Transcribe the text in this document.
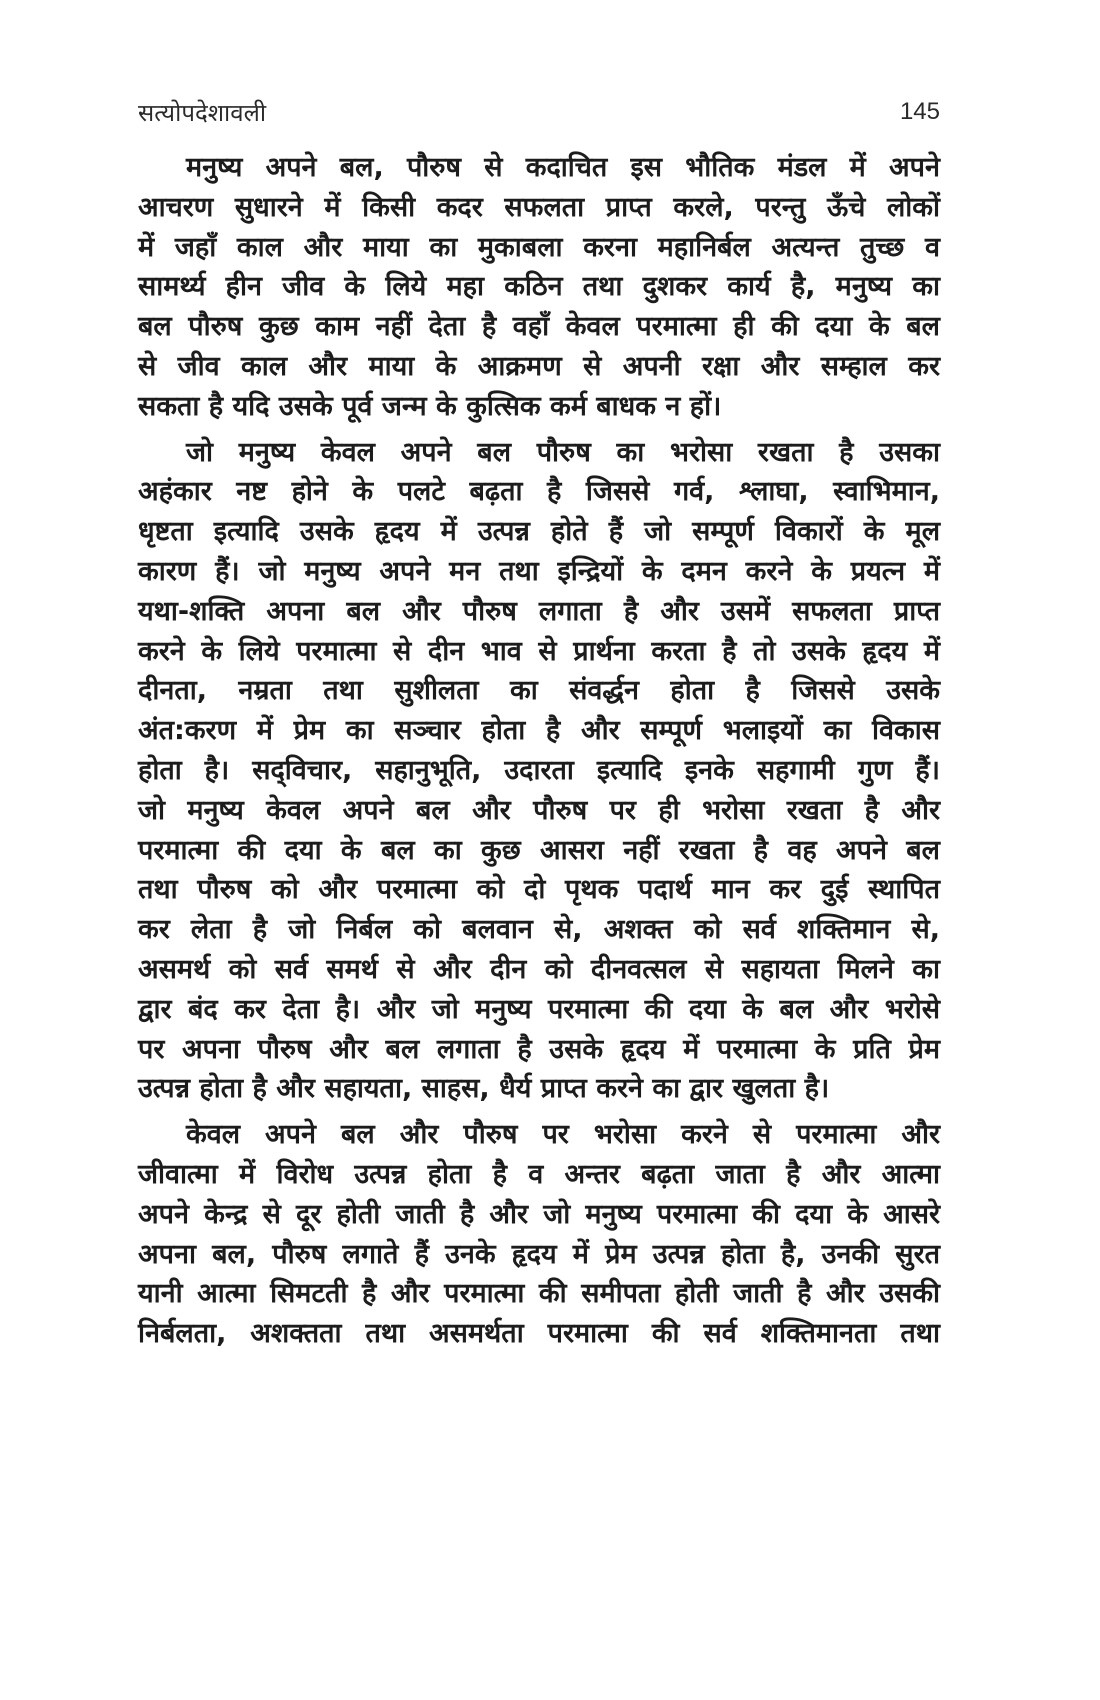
सत्योपदेशावली	145
मनुष्य अपने बल, पौरुष से कदाचित इस भौतिक मंडल में अपने
आचरण सुधारने में किसी कदर सफलता प्राप्त करले, परन्तु ऊँचे लोकों
में जहाँ काल और माया का मुकाबला करना महानिर्बल अत्यन्त तुच्छ व
सामर्थ्य हीन जीव के लिये महा कठिन तथा दुशकर कार्य है, मनुष्य का
बल पौरुष कुछ काम नहीं देता है वहाँ केवल परमात्मा ही की दया के बल
से जीव काल और माया के आक्रमण से अपनी रक्षा और सम्हाल कर
सकता है यदि उसके पूर्व जन्म के कुत्सिक कर्म बाधक न हों।
जो मनुष्य केवल अपने बल पौरुष का भरोसा रखता है उसका
अहंकार नष्ट होने के पलटे बढ़ता है जिससे गर्व, श्लाघा, स्वाभिमान,
धृष्टता इत्यादि उसके हृदय में उत्पन्न होते हैं जो सम्पूर्ण विकारों के मूल
कारण हैं। जो मनुष्य अपने मन तथा इन्द्रियों के दमन करने के प्रयत्न में
यथा-शक्ति अपना बल और पौरुष लगाता है और उसमें सफलता प्राप्त
करने के लिये परमात्मा से दीन भाव से प्रार्थना करता है तो उसके हृदय में
दीनता, नम्रता तथा सुशीलता का संवर्द्धन होता है जिससे उसके
अंत:करण में प्रेम का सञ्चार होता है और सम्पूर्ण भलाइयों का विकास
होता है। सद्‌विचार, सहानुभूति, उदारता इत्यादि इनके सहगामी गुण हैं।
जो मनुष्य केवल अपने बल और पौरुष पर ही भरोसा रखता है और
परमात्मा की दया के बल का कुछ आसरा नहीं रखता है वह अपने बल
तथा पौरुष को और परमात्मा को दो पृथक पदार्थ मान कर दुई स्थापित
कर लेता है जो निर्बल को बलवान से, अशक्त को सर्व शक्तिमान से,
असमर्थ को सर्व समर्थ से और दीन को दीनवत्सल से सहायता मिलने का
द्वार बंद कर देता है। और जो मनुष्य परमात्मा की दया के बल और भरोसे
पर अपना पौरुष और बल लगाता है उसके हृदय में परमात्मा के प्रति प्रेम
उत्पन्न होता है और सहायता, साहस, धैर्य प्राप्त करने का द्वार खुलता है।
केवल अपने बल और पौरुष पर भरोसा करने से परमात्मा और
जीवात्मा में विरोध उत्पन्न होता है व अन्तर बढ़ता जाता है और आत्मा
अपने केन्द्र से दूर होती जाती है और जो मनुष्य परमात्मा की दया के आसरे
अपना बल, पौरुष लगाते हैं उनके हृदय में प्रेम उत्पन्न होता है, उनकी सुरत
यानी आत्मा सिमटती है और परमात्मा की समीपता होती जाती है और उसकी
निर्बलता, अशक्तता तथा असमर्थता परमात्मा की सर्व शक्तिमानता तथा
